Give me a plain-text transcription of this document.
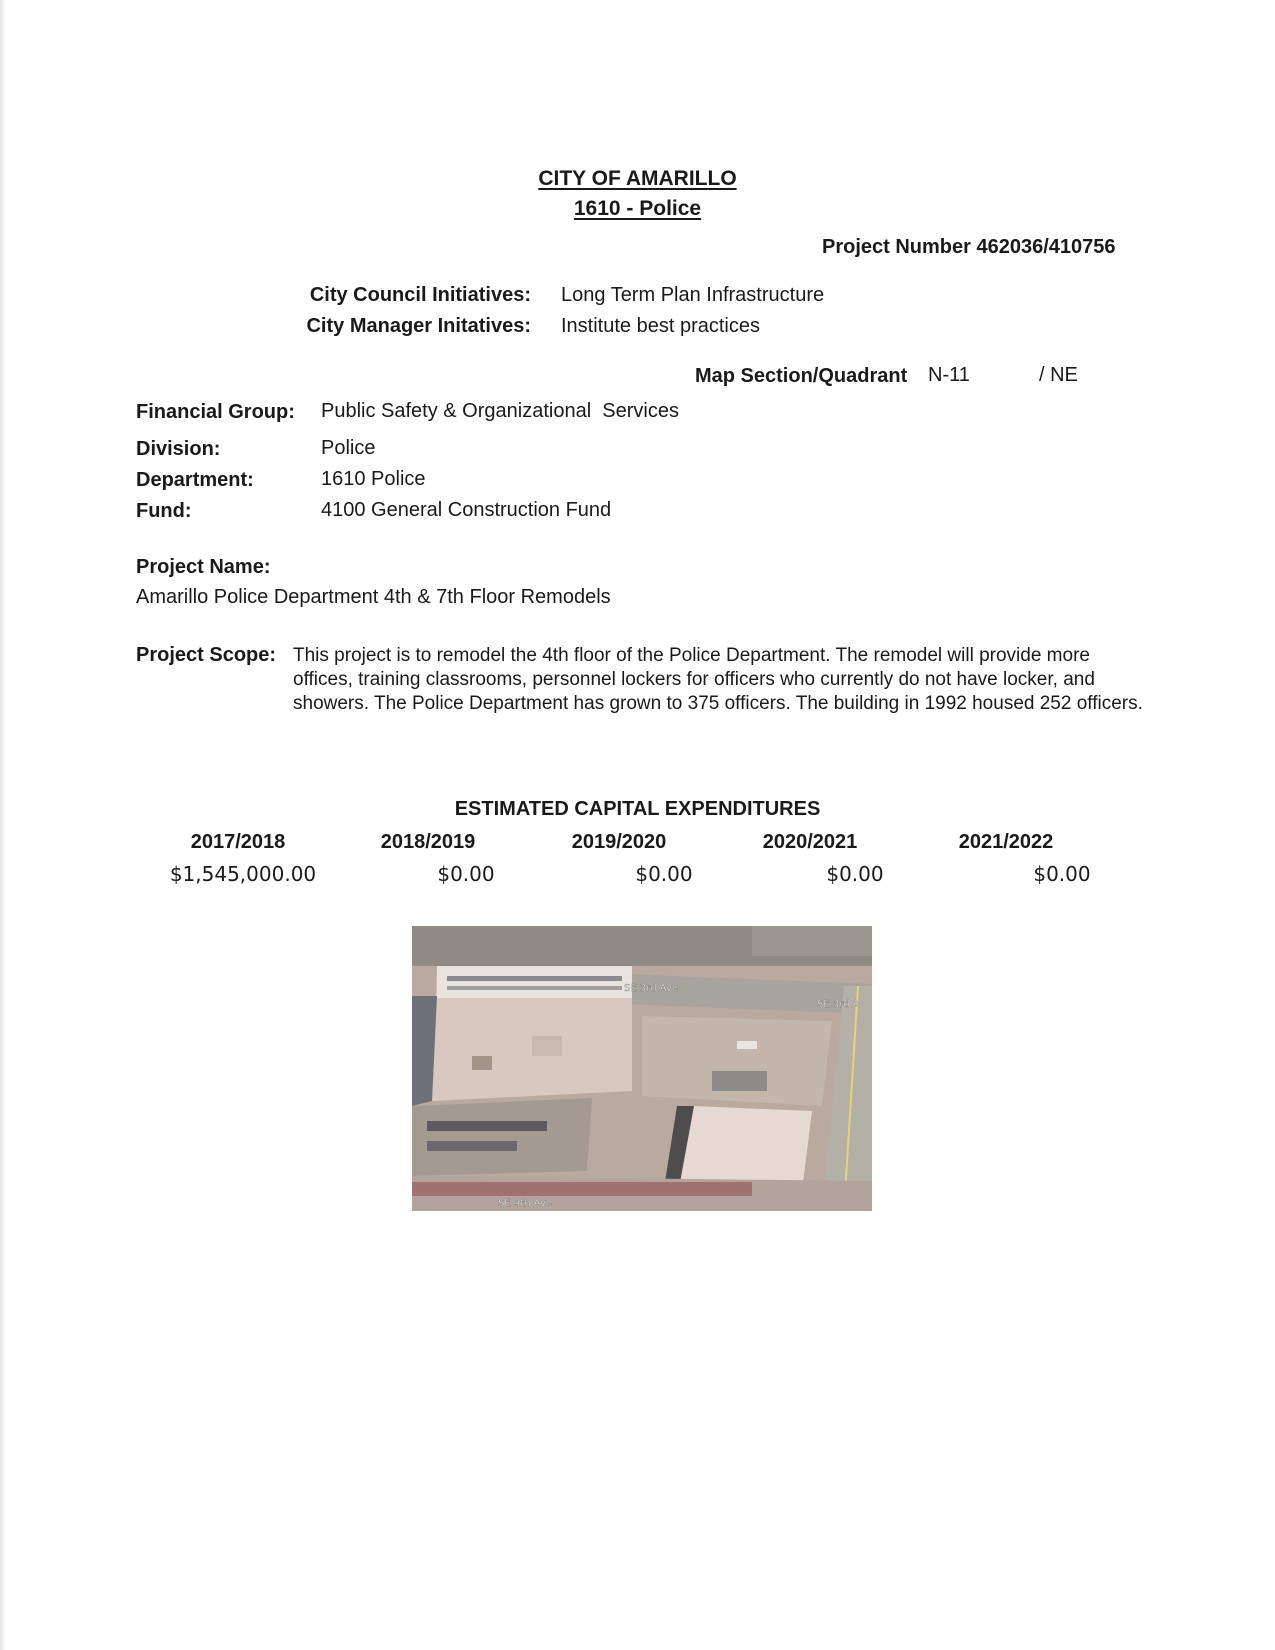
CITY OF AMARILLO
1610 - Police
Project Number 462036/410756
City Council Initiatives: Long Term Plan Infrastructure
City Manager Initatives: Institute best practices
Map Section/Quadrant N-11	/ NE
Financial Group: Public Safety & Organizational  Services
Division:	Police
Department:	1610 Police
Fund:	4100 General Construction Fund
Project Name:
Amarillo Police Department 4th & 7th Floor Remodels
Project Scope: This project is to remodel the 4th floor of the Police Department. The remodel will provide more offices, training classrooms, personnel lockers for officers who currently do not have locker, and showers. The Police Department has grown to 375 officers. The building in 1992 housed 252 officers.
ESTIMATED CAPITAL EXPENDITURES
2017/2018	2018/2019	2019/2020	2020/2021	2021/2022
$1,545,000.00	$0.00	$0.00	$0.00	$0.00
SE 3rd Ave
SE 3rd A
SE 4th Ave
